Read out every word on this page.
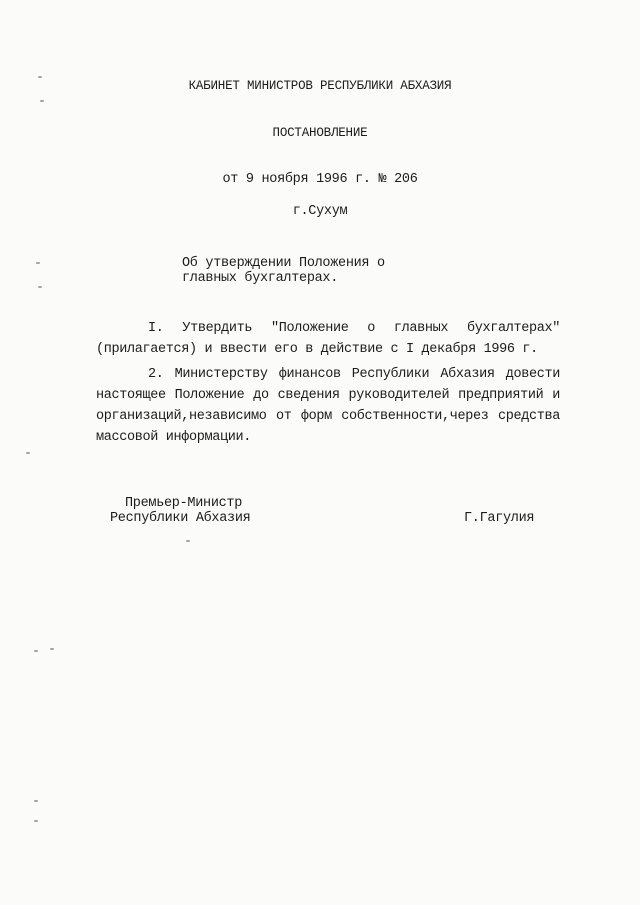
КАБИНЕТ МИНИСТРОВ РЕСПУБЛИКИ АБХАЗИЯ
ПОСТАНОВЛЕНИЕ
от 9 ноября 1996 г. № 206
г.Сухум
Об утверждении Положения о
главных бухгалтерах.

I. Утвердить "Положение о главных бухгалтерах"(прилагается) и ввести его в действие с I декабря 1996 г.

2. Министерству финансов Республики Абхазия довести настоящее Положение до сведения руководителей предприятий и организаций,независимо от форм собственности,через средства массовой информации.

Премьер-Министр
Республики Абхазия	Г.Гагулия
